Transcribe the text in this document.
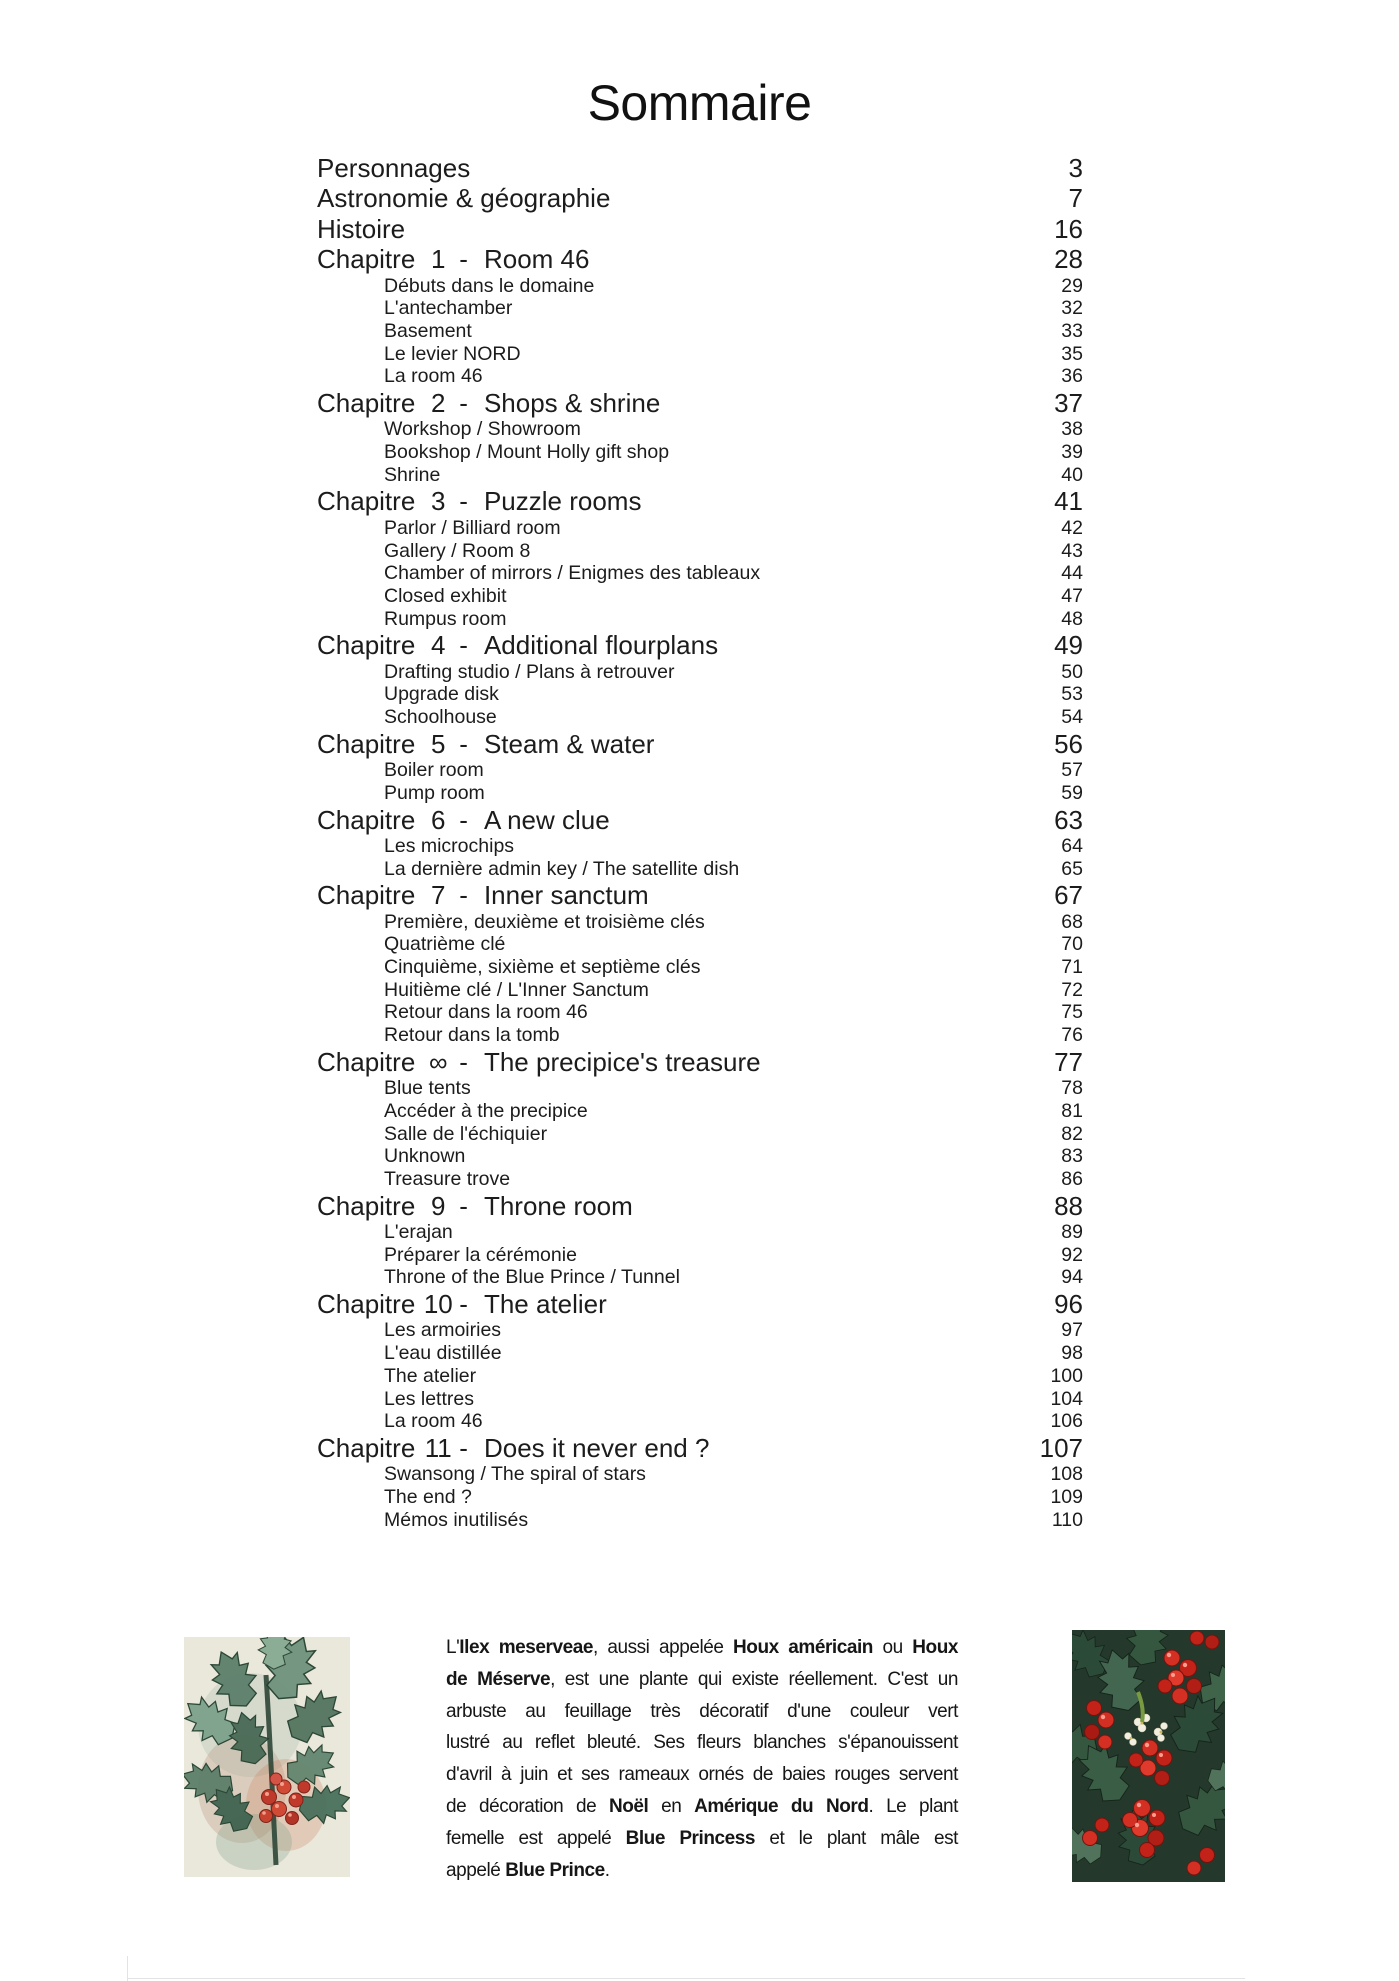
Sommaire
Personnages	3
Astronomie & géographie	7
Histoire	16
Chapitre 1 - Room 46	28
Débuts dans le domaine	29
L'antechamber	32
Basement	33
Le levier NORD	35
La room 46	36
Chapitre 2 - Shops & shrine	37
Workshop / Showroom	38
Bookshop / Mount Holly gift shop	39
Shrine	40
Chapitre 3 - Puzzle rooms	41
Parlor / Billiard room	42
Gallery / Room 8	43
Chamber of mirrors / Enigmes des tableaux	44
Closed exhibit	47
Rumpus room	48
Chapitre 4 - Additional flourplans	49
Drafting studio / Plans à retrouver	50
Upgrade disk	53
Schoolhouse	54
Chapitre 5 - Steam & water	56
Boiler room	57
Pump room	59
Chapitre 6 - A new clue	63
Les microchips	64
La dernière admin key / The satellite dish	65
Chapitre 7 - Inner sanctum	67
Première, deuxième et troisième clés	68
Quatrième clé	70
Cinquième, sixième et septième clés	71
Huitième clé / L'Inner Sanctum	72
Retour dans la room 46	75
Retour dans la tomb	76
Chapitre ∞ - The precipice's treasure	77
Blue tents	78
Accéder à the precipice	81
Salle de l'échiquier	82
Unknown	83
Treasure trove	86
Chapitre 9 - Throne room	88
L'erajan	89
Préparer la cérémonie	92
Throne of the Blue Prince / Tunnel	94
Chapitre 10 - The atelier	96
Les armoiries	97
L'eau distillée	98
The atelier	100
Les lettres	104
La room 46	106
Chapitre 11 - Does it never end ?	107
Swansong / The spiral of stars	108
The end ?	109
Mémos inutilisés	110
L'Ilex meserveae, aussi appelée Houx américain ou Houx
de Méserve, est une plante qui existe réellement. C'est un
arbuste au feuillage très décoratif d'une couleur vert
lustré au reflet bleuté. Ses fleurs blanches s'épanouissent
d'avril à juin et ses rameaux ornés de baies rouges servent
de décoration de Noël en Amérique du Nord. Le plant
femelle est appelé Blue Princess et le plant mâle est
appelé Blue Prince.
